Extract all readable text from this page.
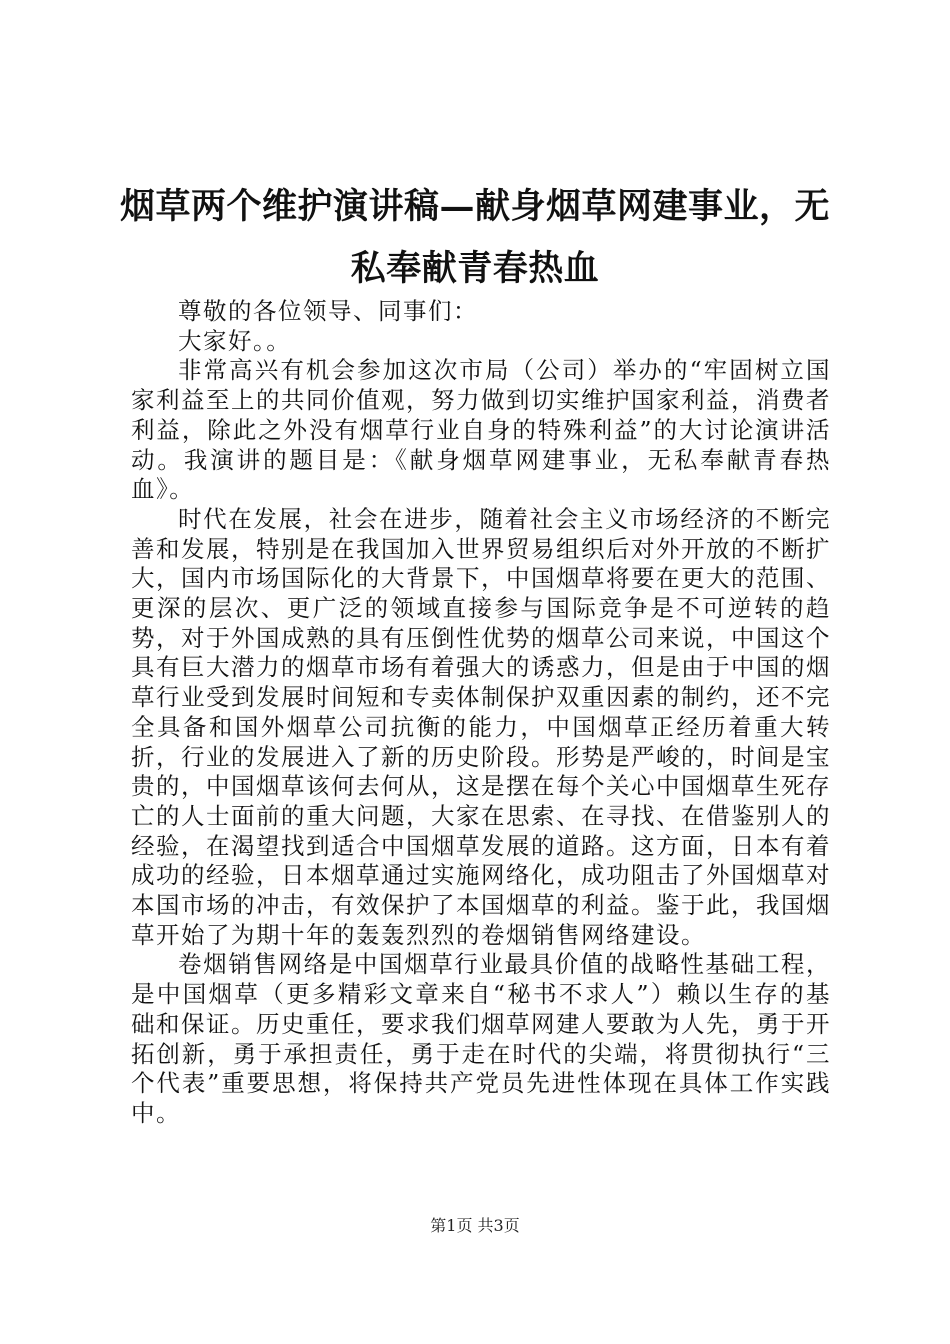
烟草两个维护演讲稿—献身烟草网建事业，无私奉献青春热血

尊敬的各位领导、同事们：

大家好。。

非常高兴有机会参加这次市局（公司）举办的“牢固树立国家利益至上的共同价值观，努力做到切实维护国家利益，消费者利益，除此之外没有烟草行业自身的特殊利益”的大讨论演讲活动。我演讲的题目是：《献身烟草网建事业，无私奉献青春热血》。

时代在发展，社会在进步，随着社会主义市场经济的不断完善和发展，特别是在我国加入世界贸易组织后对外开放的不断扩大，国内市场国际化的大背景下，中国烟草将要在更大的范围、更深的层次、更广泛的领域直接参与国际竞争是不可逆转的趋势，对于外国成熟的具有压倒性优势的烟草公司来说，中国这个具有巨大潜力的烟草市场有着强大的诱惑力，但是由于中国的烟草行业受到发展时间短和专卖体制保护双重因素的制约，还不完全具备和国外烟草公司抗衡的能力，中国烟草正经历着重大转折，行业的发展进入了新的历史阶段。形势是严峻的，时间是宝贵的，中国烟草该何去何从，这是摆在每个关心中国烟草生死存亡的人士面前的重大问题，大家在思索、在寻找、在借鉴别人的经验，在渴望找到适合中国烟草发展的道路。这方面，日本有着成功的经验，日本烟草通过实施网络化，成功阻击了外国烟草对本国市场的冲击，有效保护了本国烟草的利益。鉴于此，我国烟草开始了为期十年的轰轰烈烈的卷烟销售网络建设。

卷烟销售网络是中国烟草行业最具价值的战略性基础工程，是中国烟草（更多精彩文章来自“秘书不求人”）赖以生存的基础和保证。历史重任，要求我们烟草网建人要敢为人先，勇于开拓创新，勇于承担责任，勇于走在时代的尖端，将贯彻执行“三个代表”重要思想，将保持共产党员先进性体现在具体工作实践中。

第1页 共3页
